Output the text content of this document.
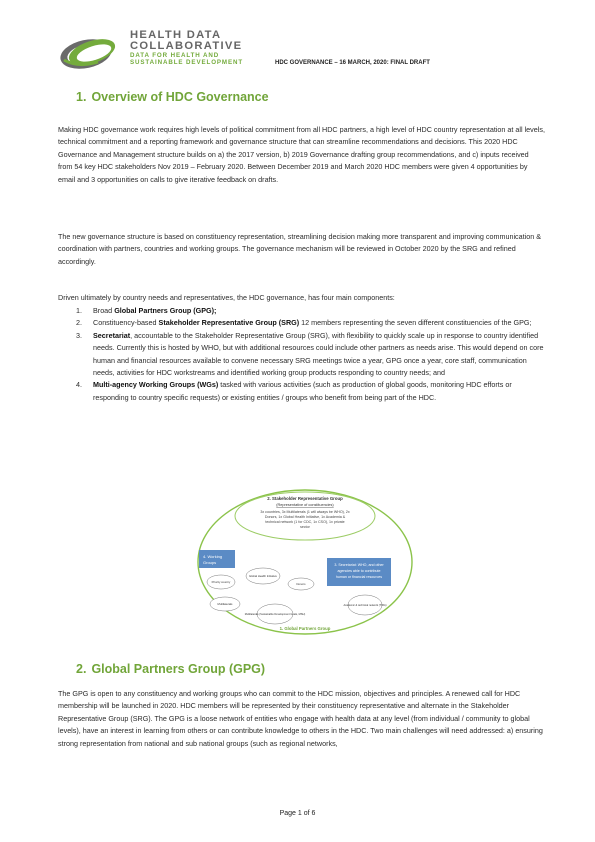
HEALTH DATA
COLLABORATIVE
DATA FOR HEALTH AND
SUSTAINABLE DEVELOPMENT	HDC GOVERNANCE – 16 MARCH, 2020: FINAL DRAFT
1. Overview of HDC Governance

Making HDC governance work requires high levels of political commitment from all HDC partners, a high level of HDC country representation at all levels, technical commitment and a reporting framework and governance structure that can streamline recommendations and decisions. This 2020 HDC Governance and Management structure builds on a) the 2017 version, b) 2019 Governance drafting group recommendations, and c) inputs received from 54 key HDC stakeholders Nov 2019 – February 2020. Between December 2019 and March 2020 HDC members were given 4 opportunities by email and 3 opportunities on calls to give iterative feedback on drafts.

The new governance structure is based on constituency representation, streamlining decision making more transparent and improving communication & coordination with partners, countries and working groups. The governance mechanism will be reviewed in October 2020 by the SRG and refined accordingly.

Driven ultimately by country needs and representatives, the HDC governance, has four main components:

1. Broad Global Partners Group (GPG);
2. Constituency-based Stakeholder Representative Group (SRG) 12 members representing the seven different constituencies of the GPG;
3. Secretariat, accountable to the Stakeholder Representative Group (SRG), with flexibility to quickly scale up in response to country identified needs. Currently this is hosted by WHO, but with additional resources could include other partners as needs arise. This would depend on core human and financial resources available to convene necessary SRG meetings twice a year, GPG once a year, core staff, communication needs, activities for HDC workstreams and identified working group products responding to country needs; and
4. Multi-agency Working Groups (WGs) tasked with various activities (such as production of global goods, monitoring HDC efforts or responding to country specific requests) or existing entities / groups who benefit from being part of the HDC.
2. Stakeholder Representative Group
(Representative of constituencies)
3x countries, 3x Multilaterals (1 will always be WHO), 2x
Donors, 1x Global Health Initiative, 1x Academia &
technical network (1 for CDC, 1x CSO), 1x private
sector
4. Working
Groups	3. Secretariat: WHO, and other
agencies able to contribute
human or financial resources
Priority country
Global Health Initiative
Donors
Multilaterals	Academic & technical network (TWG)
Multilaterals (Sustainable Development Goals, MSH)
1. Global Partners Group
2. Global Partners Group (GPG)

The GPG is open to any constituency and working groups who can commit to the HDC mission, objectives and principles. A renewed call for HDC membership will be launched in 2020. HDC members will be represented by their constituency representative and alternate in the Stakeholder Representative Group (SRG). The GPG is a loose network of entities who engage with health data at any level (from individual / community to global levels), have an interest in learning from others or can contribute knowledge to others in the HDC. Two main challenges will need addressed: a) ensuring strong representation from national and sub national groups (such as regional networks,

Page 1 of 6
